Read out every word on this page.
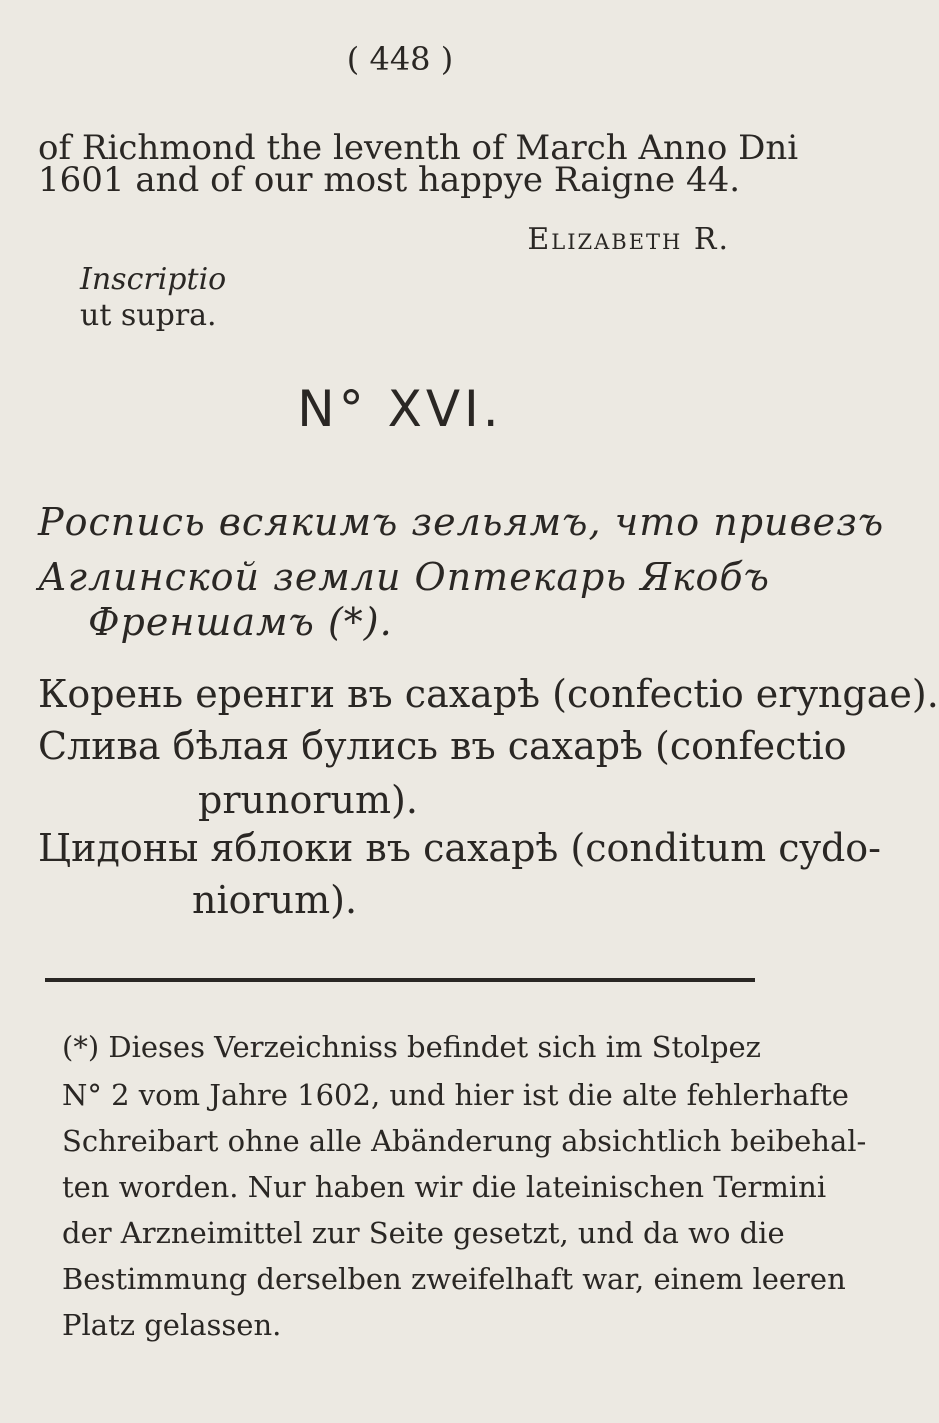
( 448 )
of Richmond the leventh of March Anno Dni
1601 and of our most happye Raigne 44.
Elizabeth R.
Inscriptio
ut supra.
N° XVI.
Роспись всякимъ зельямъ, что привезъ
Аглинской земли Оптекарь Якобъ
Френшамъ (*).
Корень еренги въ сахарѣ (confectio eryngae).
Слива бѣлая булись въ сахарѣ (confectio
prunorum).
Цидоны яблоки въ сахарѣ (conditum cydo-
niorum).
(*) Dieses Verzeichniss befindet sich im Stolpez
N° 2 vom Jahre 1602, und hier ist die alte fehlerhafte
Schreibart ohne alle Abänderung absichtlich beibehal-
ten worden. Nur haben wir die lateinischen Termini
der Arzneimittel zur Seite gesetzt, und da wo die
Bestimmung derselben zweifelhaft war, einem leeren
Platz gelassen.
